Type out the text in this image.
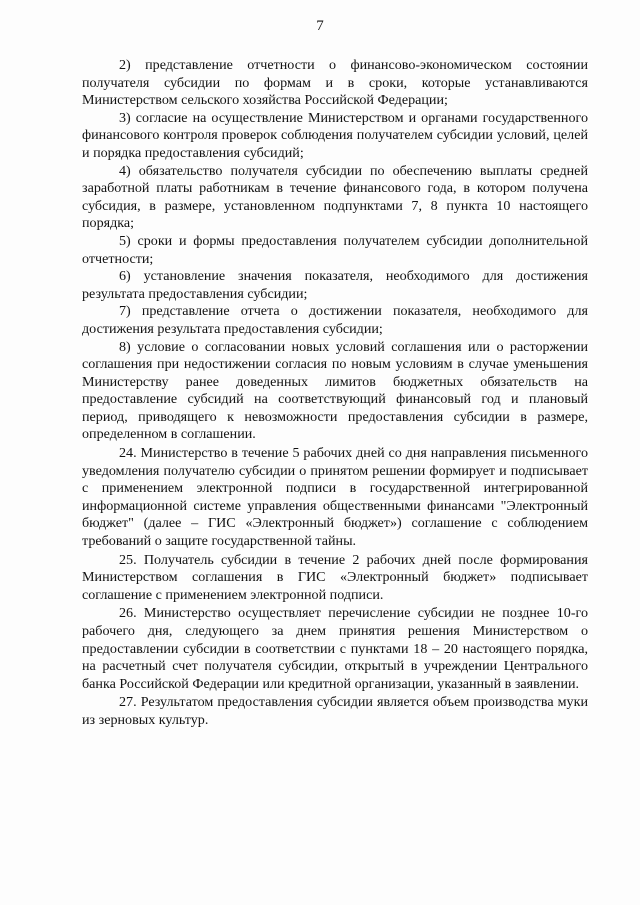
7

2) представление отчетности о финансово-экономическом состоянии получателя субсидии по формам и в сроки, которые устанавливаются Министерством сельского хозяйства Российской Федерации;

3) согласие на осуществление Министерством и органами государственного финансового контроля проверок соблюдения получателем субсидии условий, целей и порядка предоставления субсидий;

4) обязательство получателя субсидии по обеспечению выплаты средней заработной платы работникам в течение финансового года, в котором получена субсидия, в размере, установленном подпунктами 7, 8 пункта 10 настоящего порядка;

5) сроки и формы предоставления получателем субсидии дополнительной отчетности;

6) установление значения показателя, необходимого для достижения результата предоставления субсидии;

7) представление отчета о достижении показателя, необходимого для достижения результата предоставления субсидии;

8) условие о согласовании новых условий соглашения или о расторжении соглашения при недостижении согласия по новым условиям в случае уменьшения Министерству ранее доведенных лимитов бюджетных обязательств на предоставление субсидий на соответствующий финансовый год и плановый период, приводящего к невозможности предоставления субсидии в размере, определенном в соглашении.

24. Министерство в течение 5 рабочих дней со дня направления письменного уведомления получателю субсидии о принятом решении формирует и подписывает с применением электронной подписи в государственной интегрированной информационной системе управления общественными финансами "Электронный бюджет" (далее – ГИС «Электронный бюджет») соглашение с соблюдением требований о защите государственной тайны.

25. Получатель субсидии в течение 2 рабочих дней после формирования Министерством соглашения в ГИС «Электронный бюджет» подписывает соглашение с применением электронной подписи.

26. Министерство осуществляет перечисление субсидии не позднее 10-го рабочего дня, следующего за днем принятия решения Министерством о предоставлении субсидии в соответствии с пунктами 18 – 20 настоящего порядка, на расчетный счет получателя субсидии, открытый в учреждении Центрального банка Российской Федерации или кредитной организации, указанный в заявлении.

27. Результатом предоставления субсидии является объем производства муки из зерновых культур.
